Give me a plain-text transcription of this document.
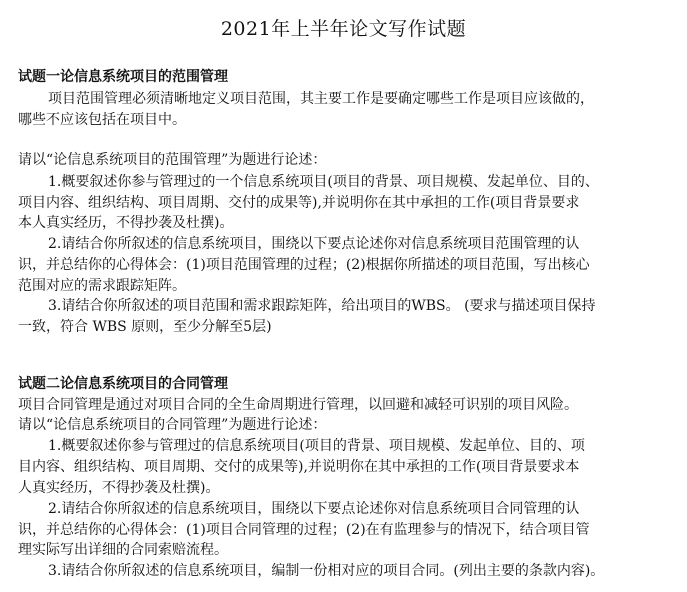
2021年上半年论文写作试题
试题一论信息系统项目的范围管理
项目范围管理必须清晰地定义项目范围，其主要工作是要确定哪些工作是项目应该做的，
哪些不应该包括在项目中。
请以“论信息系统项目的范围管理”为题进行论述：
1.概要叙述你参与管理过的一个信息系统项目(项目的背景、项目规模、发起单位、目的、
项目内容、组织结构、项目周期、交付的成果等),并说明你在其中承担的工作(项目背景要求
本人真实经历，不得抄袭及杜撰)。
2.请结合你所叙述的信息系统项目，围绕以下要点论述你对信息系统项目范围管理的认
识，并总结你的心得体会：(1)项目范围管理的过程；(2)根据你所描述的项目范围，写出核心
范围对应的需求跟踪矩阵。
3.请结合你所叙述的项目范围和需求跟踪矩阵，给出项目的WBS。 (要求与描述项目保持
一致，符合 WBS 原则，至少分解至5层)
试题二论信息系统项目的合同管理
项目合同管理是通过对项目合同的全生命周期进行管理，以回避和减轻可识别的项目风险。
请以“论信息系统项目的合同管理”为题进行论述：
1.概要叙述你参与管理过的信息系统项目(项目的背景、项目规模、发起单位、目的、项
目内容、组织结构、项目周期、交付的成果等),并说明你在其中承担的工作(项目背景要求本
人真实经历，不得抄袭及杜撰)。
2.请结合你所叙述的信息系统项目，围绕以下要点论述你对信息系统项目合同管理的认
识，并总结你的心得体会：(1)项目合同管理的过程；(2)在有监理参与的情况下，结合项目管
理实际写出详细的合同索赔流程。
3.请结合你所叙述的信息系统项目，编制一份相对应的项目合同。(列出主要的条款内容)。
